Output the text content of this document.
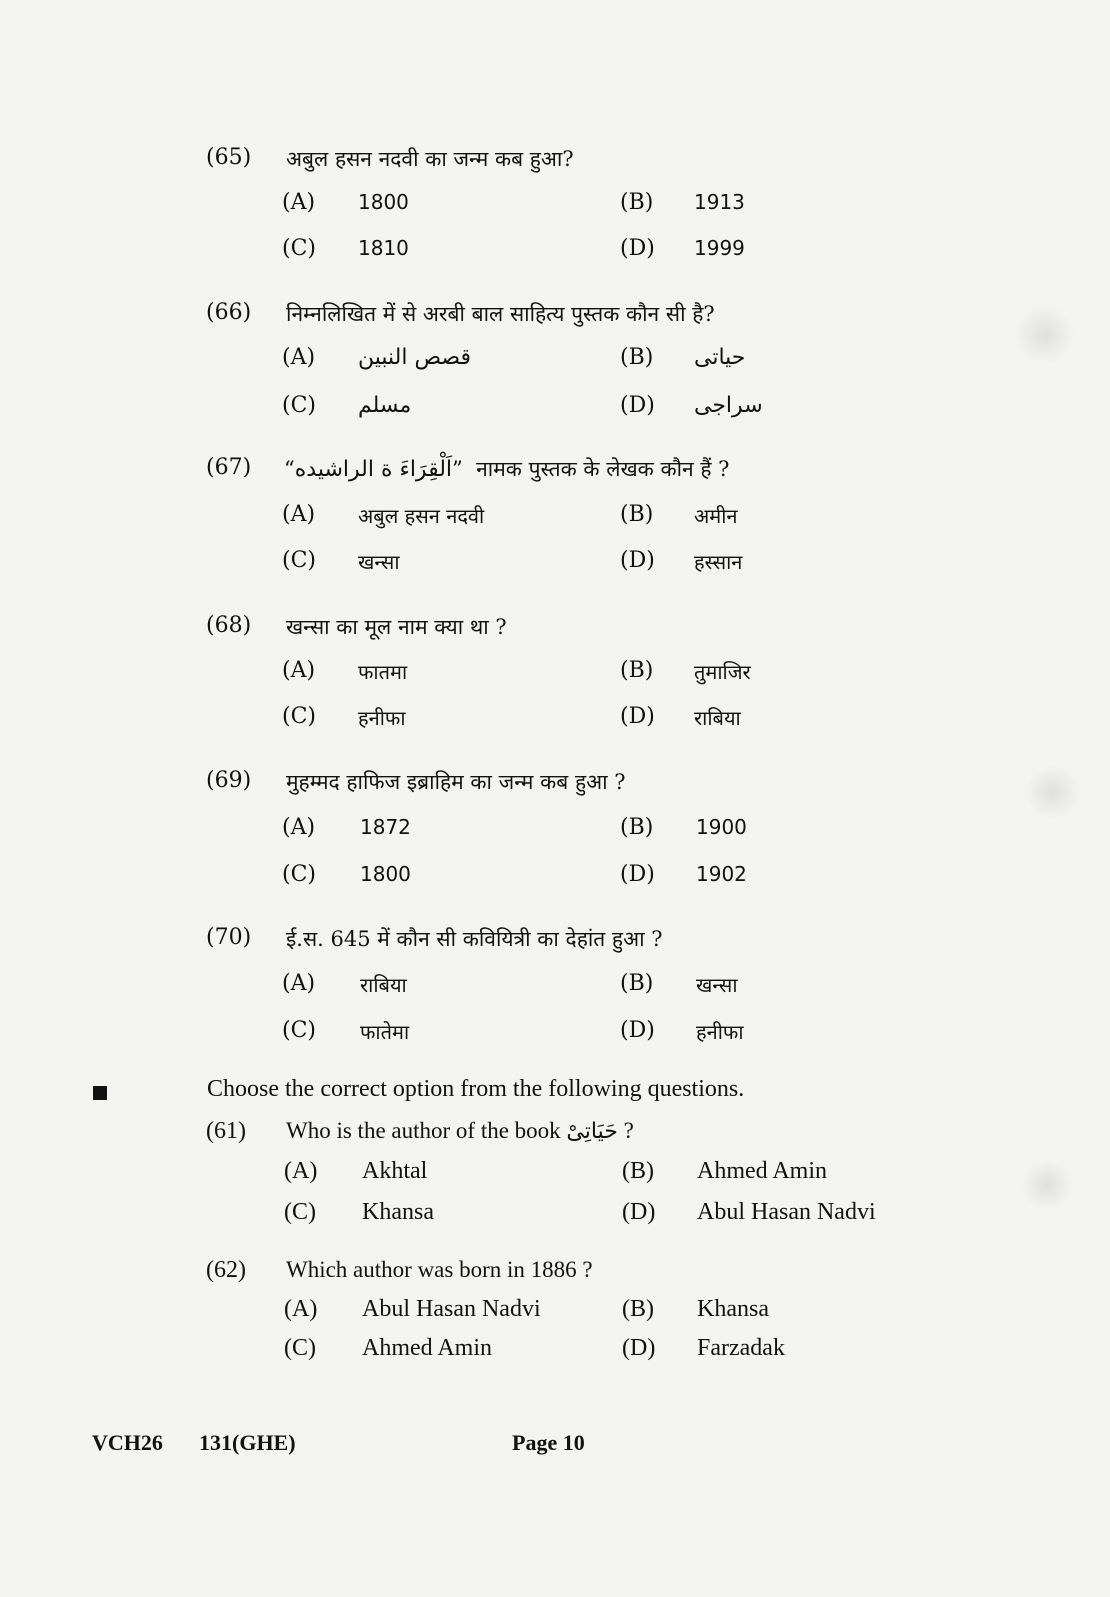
(65) अबुल हसन नदवी का जन्म कब हुआ?
(A) 1800	(B) 1913
(C) 1810	(D) 1999
(66) निम्नलिखित में से अरबी बाल साहित्य पुस्तक कौन सी है?
(A) قصص النبين	(B) حياتى
(C) مسلم	(D) سراجى
(67) “اَلْقِرَاءَ ة الراشيده”  नामक पुस्तक के लेखक कौन हैं ?
(A) अबुल हसन नदवी	(B) अमीन
(C) खन्सा	(D) हस्सान
(68) खन्सा का मूल नाम क्या था ?
(A) फातमा	(B) तुमाजिर
(C) हनीफा	(D) राबिया
(69) मुहम्मद हाफिज इब्राहिम का जन्म कब हुआ ?
(A) 1872	(B) 1900
(C) 1800	(D) 1902
(70) ई.स. 645 में कौन सी कवियित्री का देहांत हुआ ?
(A) राबिया	(B) खन्सा
(C) फातेमा	(D) हनीफा
Choose the correct option from the following questions.
(61) Who is the author of the book حَيَاتِیْ ?
(A) Akhtal	(B) Ahmed Amin
(C) Khansa	(D) Abul Hasan Nadvi
(62) Which author was born in 1886 ?
(A) Abul Hasan Nadvi	(B) Khansa
(C) Ahmed Amin	(D) Farzadak
VCH26 131(GHE)	Page 10
